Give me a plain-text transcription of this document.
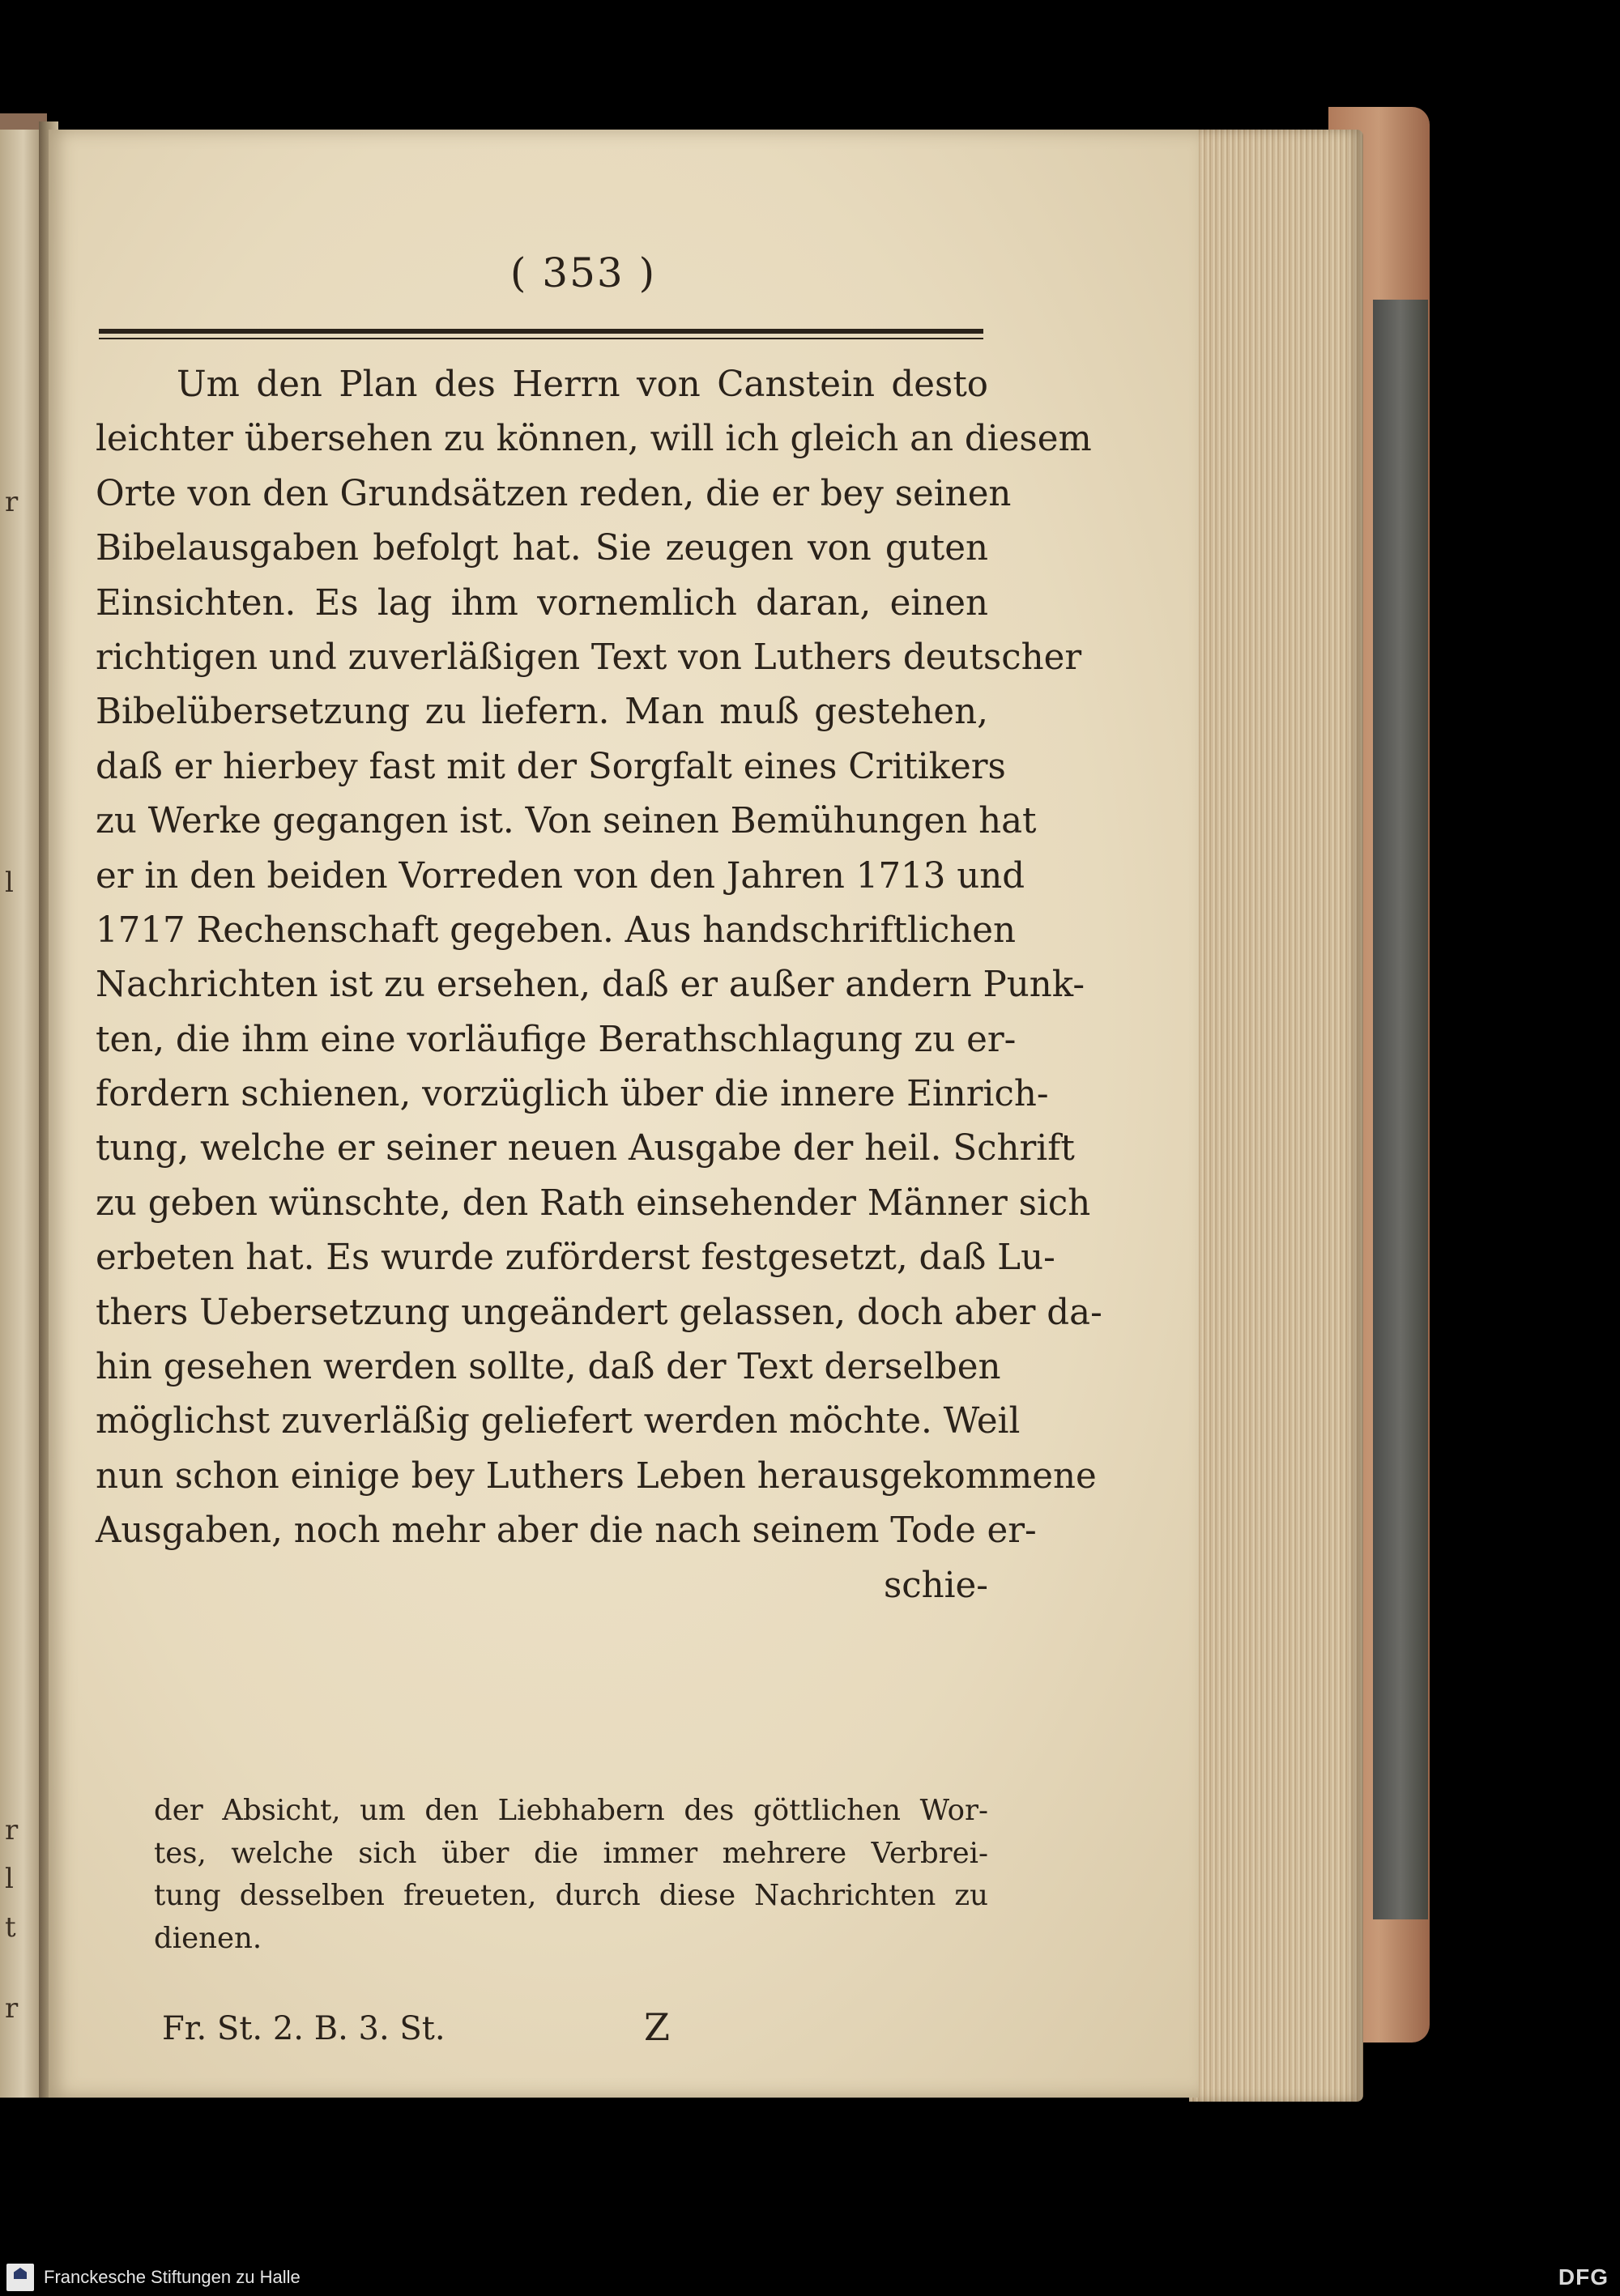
r
l
r
l
t
r
( 353 )
Um den Plan des Herrn von Canstein desto
leichter übersehen zu können, will ich gleich an diesem
Orte von den Grundsätzen reden, die er bey seinen
Bibelausgaben befolgt hat. Sie zeugen von guten
Einsichten. Es lag ihm vornemlich daran, einen
richtigen und zuverläßigen Text von Luthers deutscher
Bibelübersetzung zu liefern. Man muß gestehen,
daß er hierbey fast mit der Sorgfalt eines Critikers
zu Werke gegangen ist. Von seinen Bemühungen hat
er in den beiden Vorreden von den Jahren 1713 und
1717 Rechenschaft gegeben. Aus handschriftlichen
Nachrichten ist zu ersehen, daß er außer andern Punk-
ten, die ihm eine vorläufige Berathschlagung zu er-
fordern schienen, vorzüglich über die innere Einrich-
tung, welche er seiner neuen Ausgabe der heil. Schrift
zu geben wünschte, den Rath einsehender Männer sich
erbeten hat. Es wurde zuförderst festgesetzt, daß Lu-
thers Uebersetzung ungeändert gelassen, doch aber da-
hin gesehen werden sollte, daß der Text derselben
möglichst zuverläßig geliefert werden möchte. Weil
nun schon einige bey Luthers Leben herausgekommene
Ausgaben, noch mehr aber die nach seinem Tode er-
schie-
der Absicht, um den Liebhabern des göttlichen Wor-
tes, welche sich über die immer mehrere Verbrei-
tung desselben freueten, durch diese Nachrichten zu
dienen.
Fr. St. 2. B. 3. St.	Z
Franckesche Stiftungen zu Halle	DFG
